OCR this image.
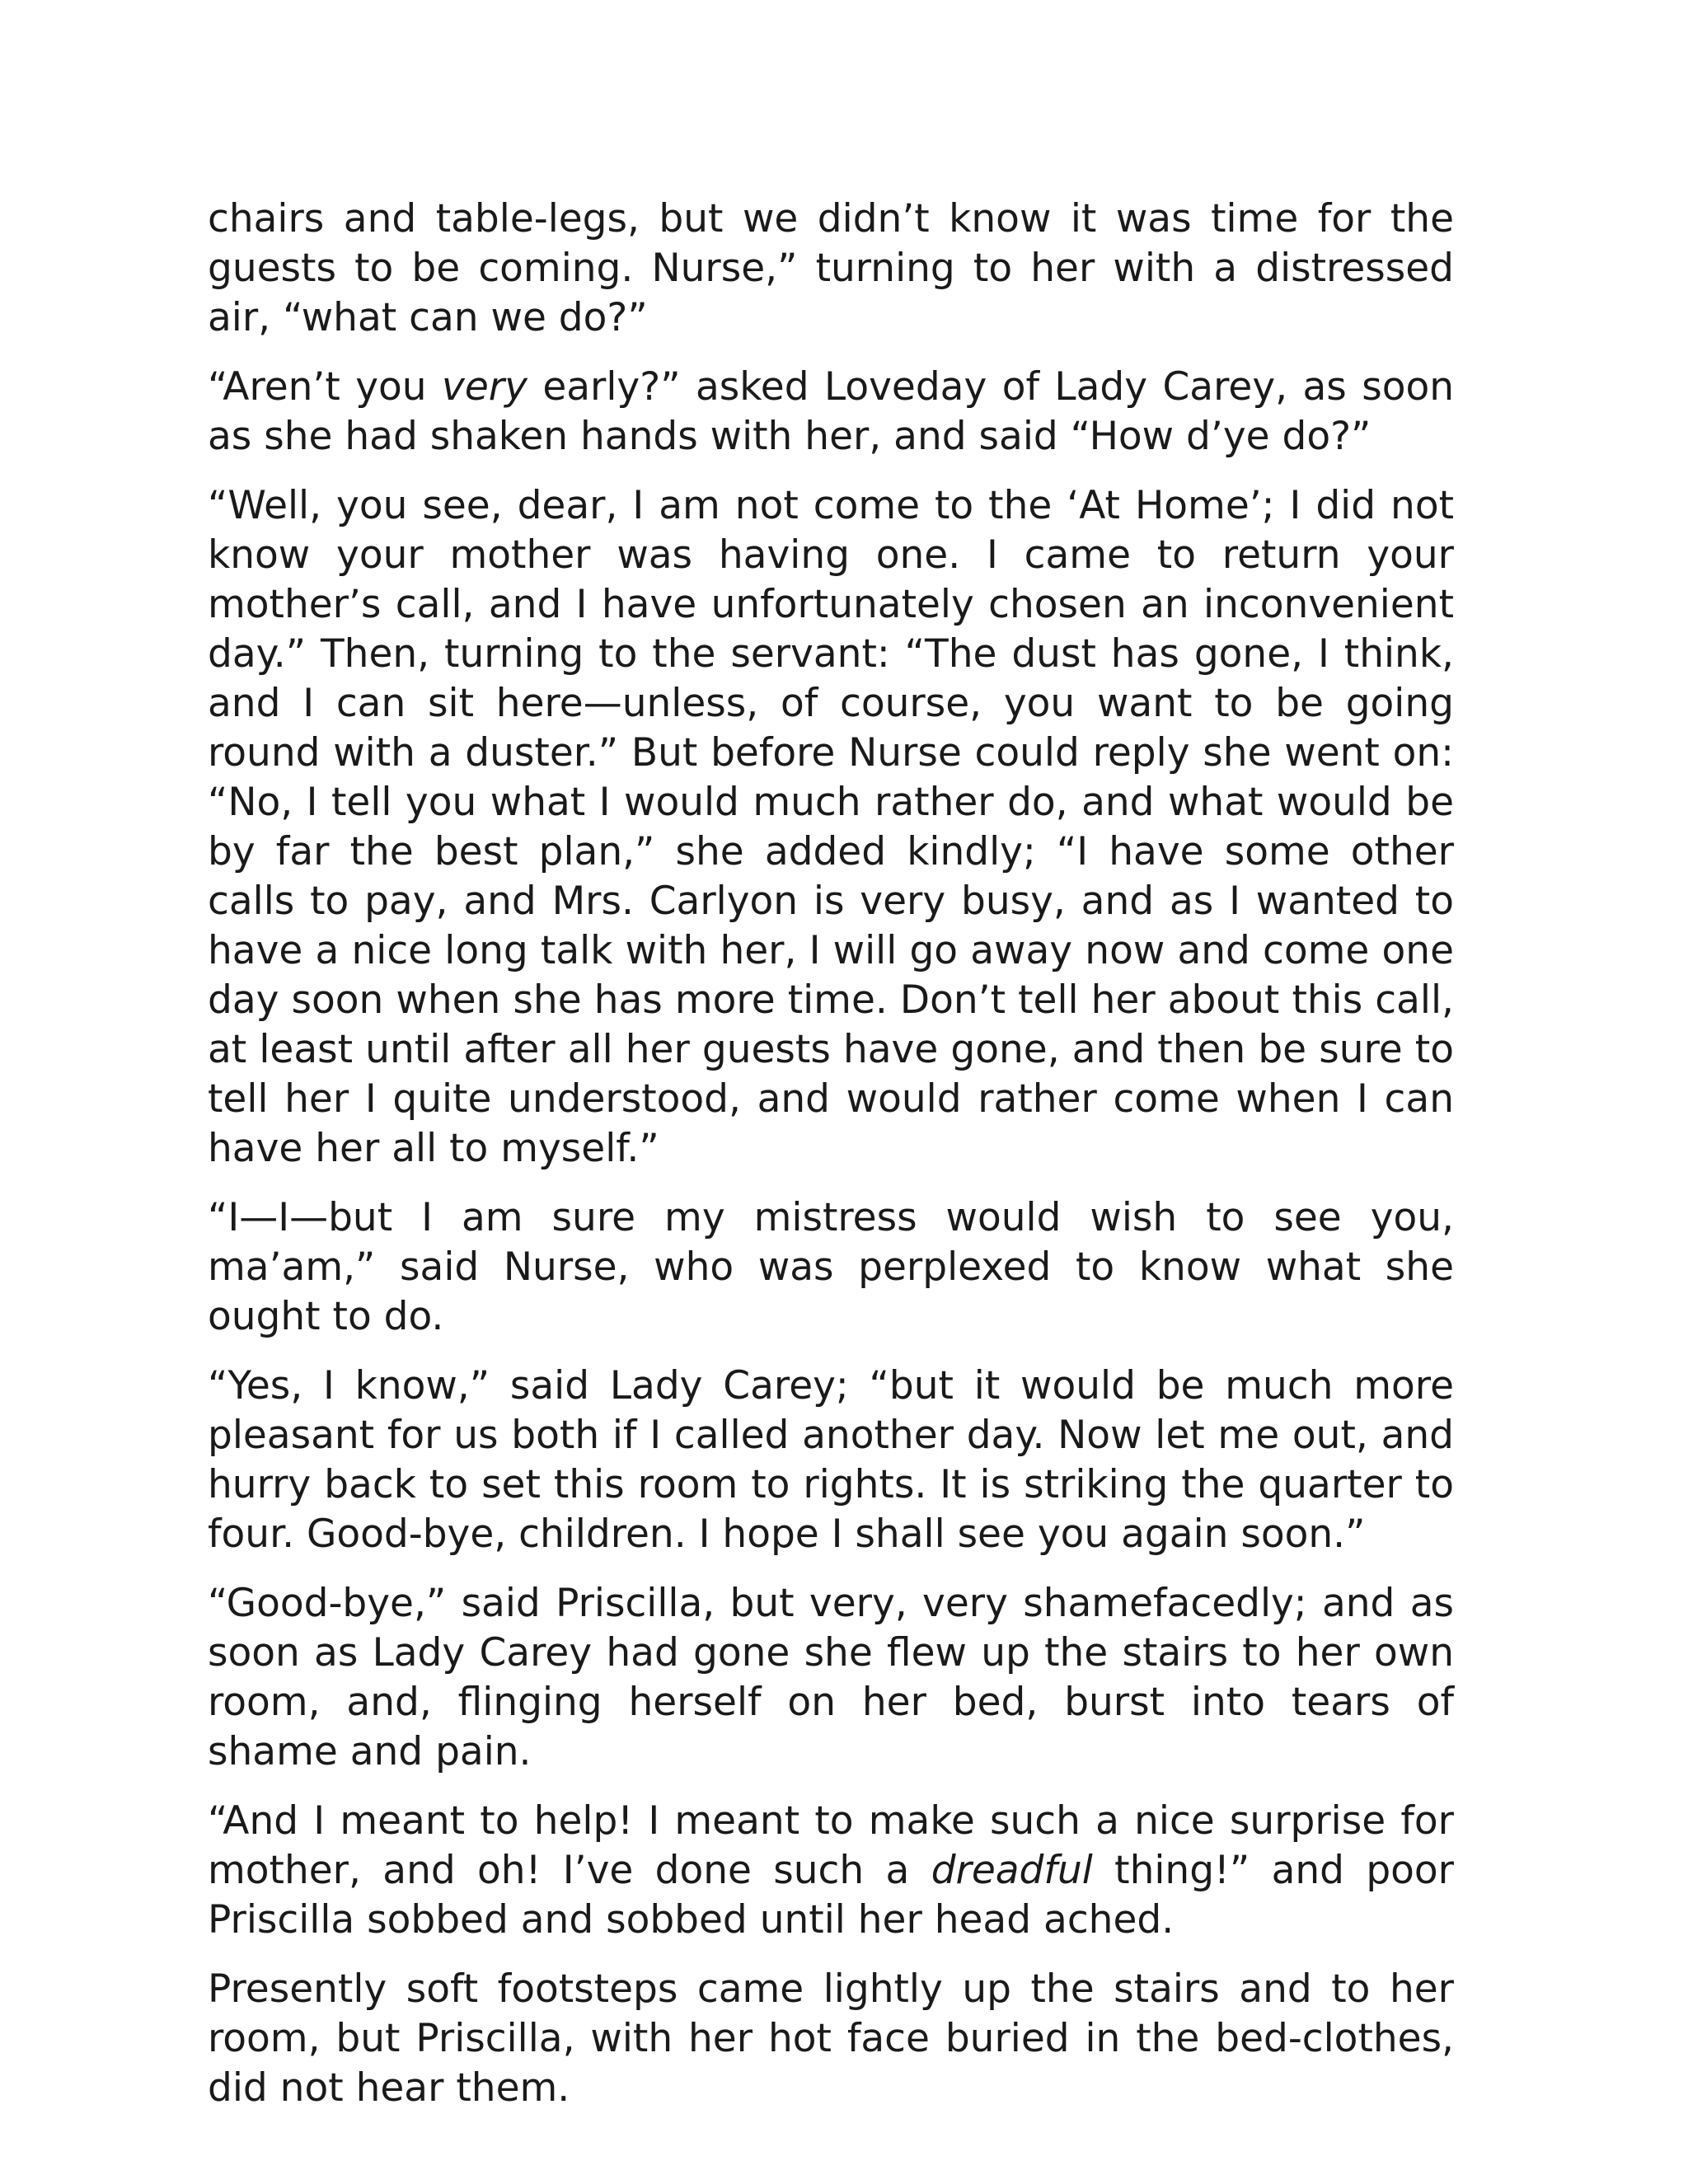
chairs and table-legs, but we didn’t know it was time for the guests to be coming. Nurse,” turning to her with a distressed air, “what can we do?”

“Aren’t you very early?” asked Loveday of Lady Carey, as soon as she had shaken hands with her, and said “How d’ye do?”

“Well, you see, dear, I am not come to the ‘At Home’; I did not know your mother was having one. I came to return your mother’s call, and I have unfortunately chosen an inconvenient day.” Then, turning to the servant: “The dust has gone, I think, and I can sit here—unless, of course, you want to be going round with a duster.” But before Nurse could reply she went on: “No, I tell you what I would much rather do, and what would be by far the best plan,” she added kindly; “I have some other calls to pay, and Mrs. Carlyon is very busy, and as I wanted to have a nice long talk with her, I will go away now and come one day soon when she has more time. Don’t tell her about this call, at least until after all her guests have gone, and then be sure to tell her I quite understood, and would rather come when I can have her all to myself.”

“I—I—but I am sure my mistress would wish to see you, ma’am,” said Nurse, who was perplexed to know what she ought to do.

“Yes, I know,” said Lady Carey; “but it would be much more pleasant for us both if I called another day. Now let me out, and hurry back to set this room to rights. It is striking the quarter to four. Good-bye, children. I hope I shall see you again soon.”

“Good-bye,” said Priscilla, but very, very shamefacedly; and as soon as Lady Carey had gone she flew up the stairs to her own room, and, flinging herself on her bed, burst into tears of shame and pain.

“And I meant to help! I meant to make such a nice surprise for mother, and oh! I’ve done such a dreadful thing!” and poor Priscilla sobbed and sobbed until her head ached.

Presently soft footsteps came lightly up the stairs and to her room, but Priscilla, with her hot face buried in the bed-clothes, did not hear them.
